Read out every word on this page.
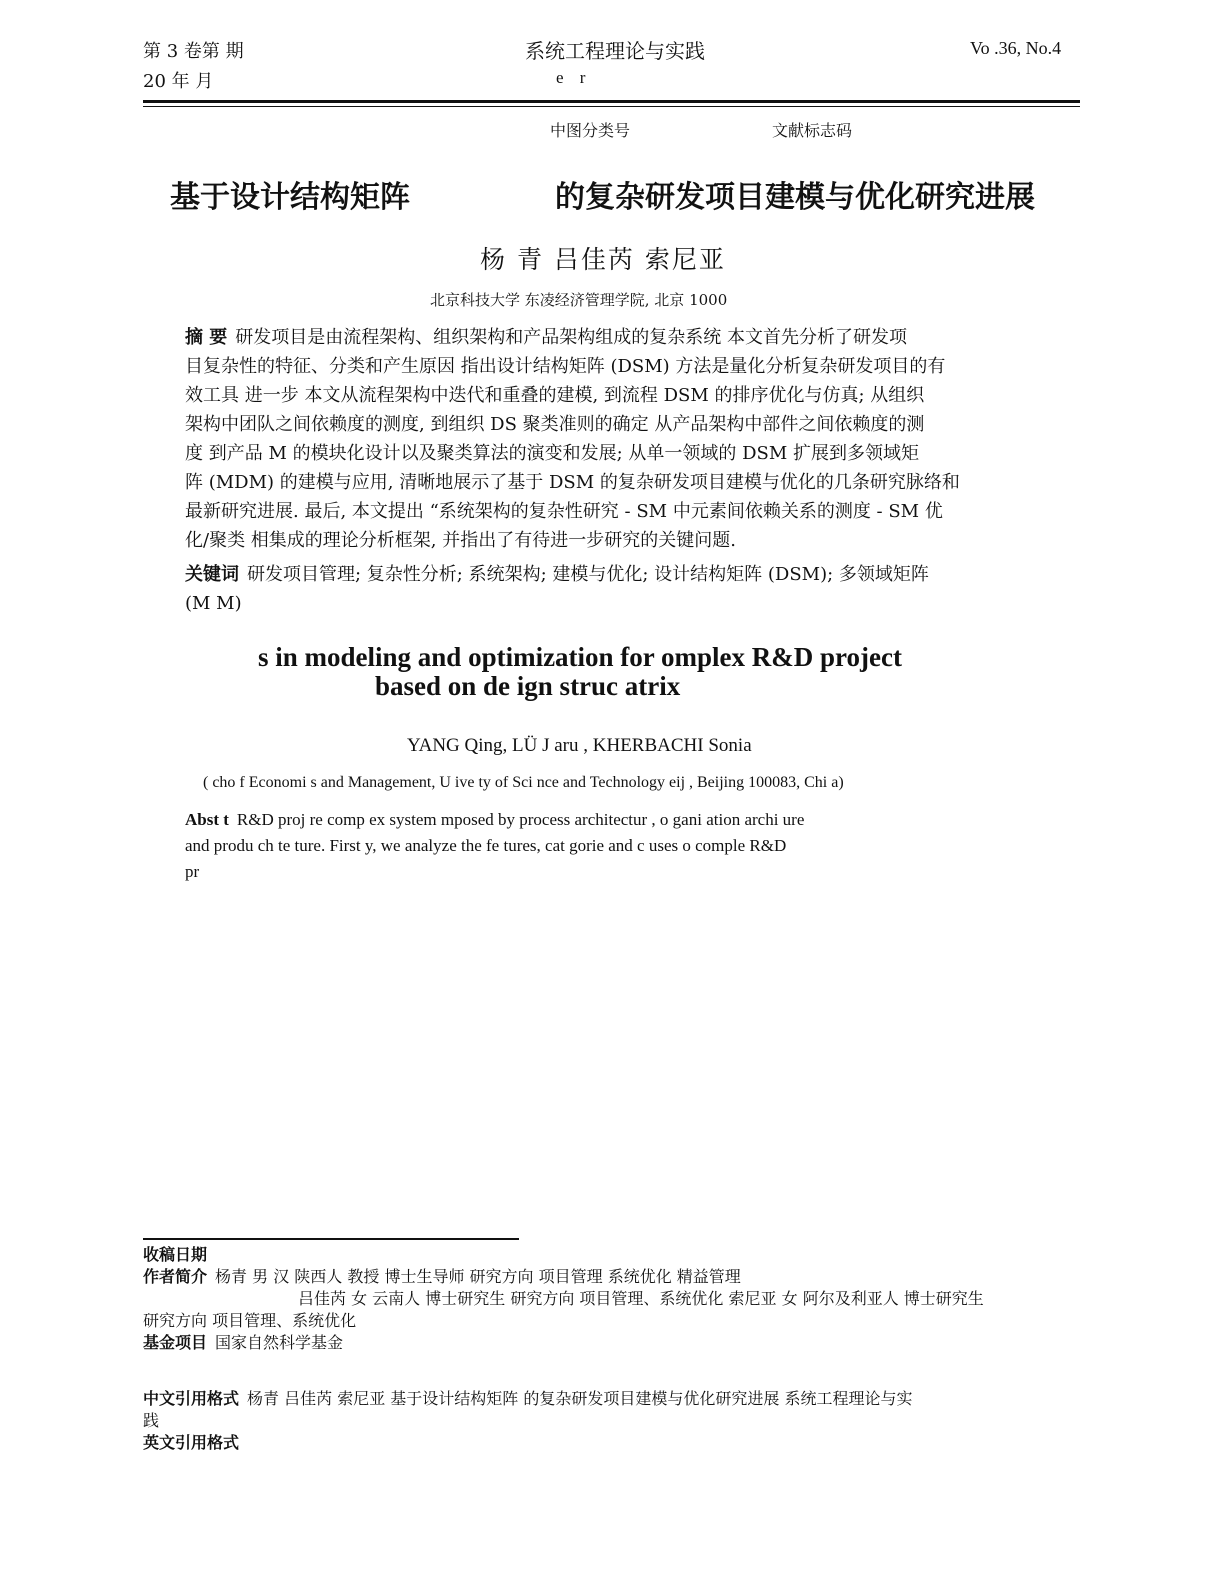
第 3 卷第 期
20 年 月
系统工程理论与实践
e r
Vo .36, No.4
中图分类号	文献标志码
基于设计结构矩阵	的复杂研发项目建模与优化研究进展
杨 青 吕佳芮 索尼亚
北京科技大学 东凌经济管理学院, 北京 1000
摘 要 研发项目是由流程架构、组织架构和产品架构组成的复杂系统 本文首先分析了研发项
目复杂性的特征、分类和产生原因 指出设计结构矩阵 (DSM) 方法是量化分析复杂研发项目的有
效工具 进一步 本文从流程架构中迭代和重叠的建模, 到流程 DSM 的排序优化与仿真; 从组织
架构中团队之间依赖度的测度, 到组织 DS 聚类准则的确定 从产品架构中部件之间依赖度的测
度 到产品 M 的模块化设计以及聚类算法的演变和发展; 从单一领域的 DSM 扩展到多领域矩
阵 (MDM) 的建模与应用, 清晰地展示了基于 DSM 的复杂研发项目建模与优化的几条研究脉络和
最新研究进展. 最后, 本文提出 “系统架构的复杂性研究 - SM 中元素间依赖关系的测度 - SM 优
化/聚类 相集成的理论分析框架, 并指出了有待进一步研究的关键问题.
关键词 研发项目管理; 复杂性分析; 系统架构; 建模与优化; 设计结构矩阵 (DSM); 多领域矩阵
(M M)
s in modeling and optimization for omplex R&D project
based on de ign struc atrix
YANG Qing, LÜ J aru , KHERBACHI Sonia
( cho f Economi s and Management, U ive ty of Sci nce and Technology eij , Beijing 100083, Chi a)
Abst t R&D proj re comp ex system mposed by process architectur , o gani ation archi ure
and produ ch te ture. First y, we analyze the fe tures, cat gorie and c uses o comple R&D
pr
收稿日期
作者简介 杨青 男 汉 陕西人 教授 博士生导师 研究方向 项目管理 系统优化 精益管理
吕佳芮 女 云南人 博士研究生 研究方向 项目管理、系统优化 索尼亚 女 阿尔及利亚人 博士研究生
研究方向 项目管理、系统优化
基金项目 国家自然科学基金
中文引用格式 杨青 吕佳芮 索尼亚 基于设计结构矩阵 的复杂研发项目建模与优化研究进展 系统工程理论与实
践
英文引用格式
